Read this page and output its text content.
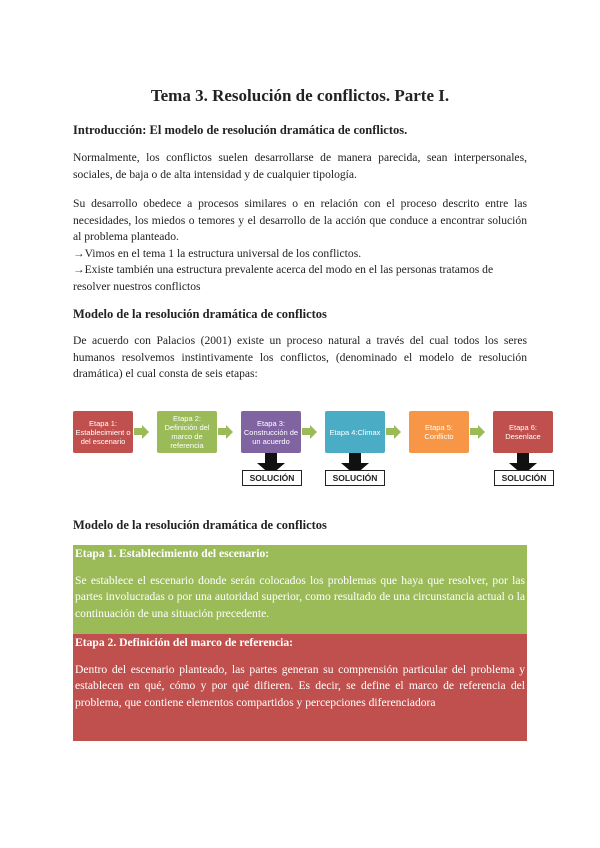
Tema 3. Resolución de conflictos. Parte I.
Introducción: El modelo de resolución dramática de conflictos.
Normalmente, los conflictos suelen desarrollarse de manera parecida, sean interpersonales, sociales, de baja o de alta intensidad y de cualquier tipología.
Su desarrollo obedece a procesos similares o en relación con el proceso descrito entre las necesidades, los miedos o temores y el desarrollo de la acción que conduce a encontrar solución al problema planteado.
→Vimos en el tema 1 la estructura universal de los conflictos.
→Existe también una estructura prevalente acerca del modo en el las personas tratamos de resolver nuestros conflictos
Modelo de la resolución dramática de conflictos
De acuerdo con Palacios (2001) existe un proceso natural a través del cual todos los seres humanos resolvemos instintivamente los conflictos, (denominado el modelo de resolución dramática) el cual consta de seis etapas:
Etapa 1: Establecimient o del escenario
Etapa 2: Definición del marco de referencia
Etapa 3: Construcción de un acuerdo
Etapa 4:Climax	Etapa 5: Conflicto
Etapa 6: Desenlace
SOLUCIÓN	SOLUCIÓN	SOLUCIÓN
Modelo de la resolución dramática de conflictos
Etapa 1. Establecimiento del escenario:
Se establece el escenario donde serán colocados los problemas que haya que resolver, por las partes involucradas o por una autoridad superior, como resultado de una circunstancia actual o la continuación de una situación precedente.
Etapa 2. Definición del marco de referencia:
Dentro del escenario planteado, las partes generan su comprensión particular del problema y establecen en qué, cómo y por qué difieren. Es decir, se define el marco de referencia del problema, que contiene elementos compartidos y percepciones diferenciadora
